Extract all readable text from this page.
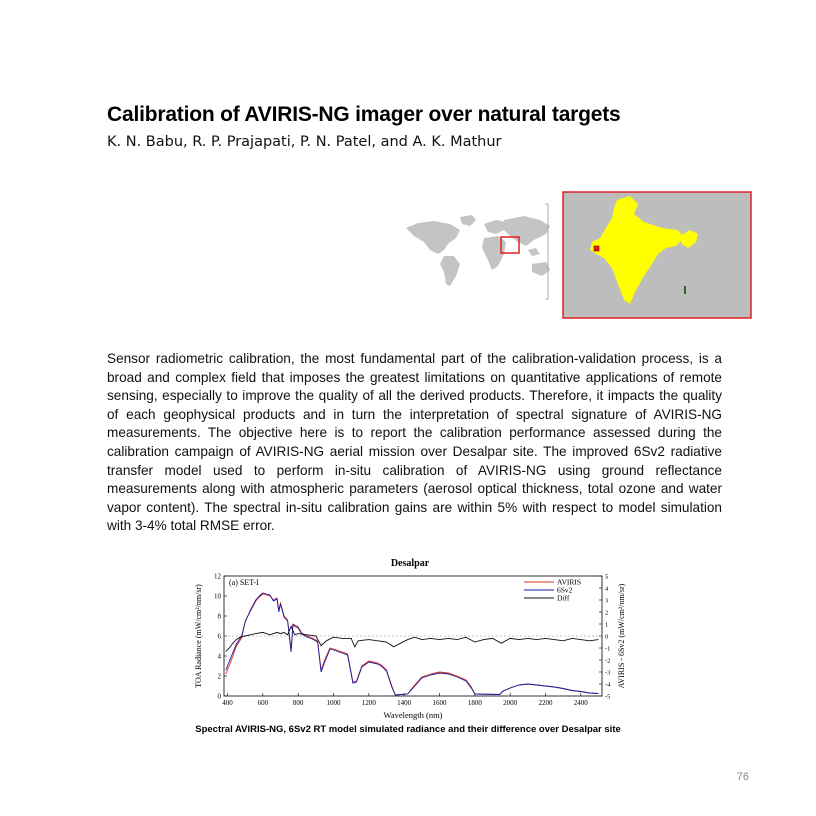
Calibration of AVIRIS-NG imager over natural targets
K. N. Babu, R. P. Prajapati, P. N. Patel, and A. K. Mathur
Sensor radiometric calibration, the most fundamental part of the calibration-validation process, is a broad and complex field that imposes the greatest limitations on quantitative applications of remote sensing, especially to improve the quality of all the derived products. Therefore, it impacts the quality of each geophysical products and in turn the interpretation of spectral signature of AVIRIS-NG measurements. The objective here is to report the calibration performance assessed during the calibration campaign of AVIRIS-NG aerial mission over Desalpar site. The improved 6Sv2 radiative transfer model used to perform in-situ calibration of AVIRIS-NG using ground reflectance measurements along with atmospheric parameters (aerosol optical thickness, total ozone and water vapor content). The spectral in-situ calibration gains are within 5% with respect to model simulation with 3-4% total RMSE error.
Desalpar
(a) SET-I
0
2
4
6
8
10
12
-5
-4
-3
-2
-1
0
1
2
3
4
5
400	600	800	1000	1200	1400	1600	1800	2000	2200	2400
AVIRIS
6Sv2
Diff
Wavelength (nm)
TOA Radiance (mW/cm²/nm/sr)	AVIRIS - 6Sv2 (mW/cm²/nm/sr)
Spectral AVIRIS-NG, 6Sv2 RT model simulated radiance and their difference over Desalpar site
76
